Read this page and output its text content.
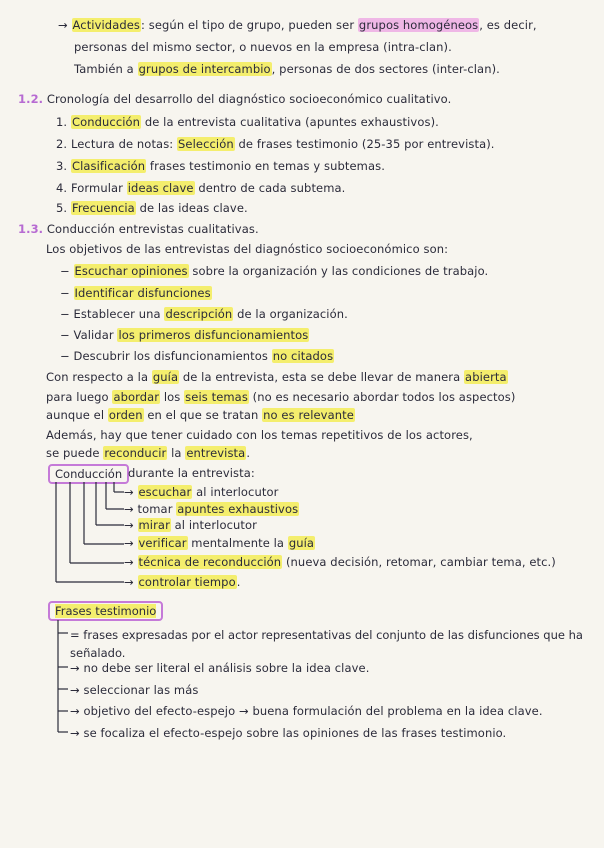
→ Actividades: según el tipo de grupo, pueden ser grupos homogéneos, es decir,
personas del mismo sector, o nuevos en la empresa (intra-clan).
También a grupos de intercambio, personas de dos sectores (inter-clan).
1.2. Cronología del desarrollo del diagnóstico socioeconómico cualitativo.
1. Conducción de la entrevista cualitativa (apuntes exhaustivos).
2. Lectura de notas: Selección de frases testimonio (25-35 por entrevista).
3. Clasificación frases testimonio en temas y subtemas.
4. Formular ideas clave dentro de cada subtema.
5. Frecuencia de las ideas clave.
1.3. Conducción entrevistas cualitativas.
Los objetivos de las entrevistas del diagnóstico socioeconómico son:
− Escuchar opiniones sobre la organización y las condiciones de trabajo.
− Identificar disfunciones
− Establecer una descripción de la organización.
− Validar los primeros disfuncionamientos
− Descubrir los disfuncionamientos no citados
Con respecto a la guía de la entrevista, esta se debe llevar de manera abierta
para luego abordar los seis temas (no es necesario abordar todos los aspectos)
aunque el orden en el que se tratan no es relevante
Además, hay que tener cuidado con los temas repetitivos de los actores,
se puede reconducir la entrevista.
Conducción durante la entrevista:
→ escuchar al interlocutor
→ tomar apuntes exhaustivos
→ mirar al interlocutor
→ verificar mentalmente la guía
→ técnica de reconducción (nueva decisión, retomar, cambiar tema, etc.)
→ controlar tiempo.
Frases testimonio
= frases expresadas por el actor representativas del conjunto de las disfunciones que ha señalado.
→ no debe ser literal el análisis sobre la idea clave.
→ seleccionar las más
→ objetivo del efecto-espejo → buena formulación del problema en la idea clave.
→ se focaliza el efecto-espejo sobre las opiniones de las frases testimonio.
